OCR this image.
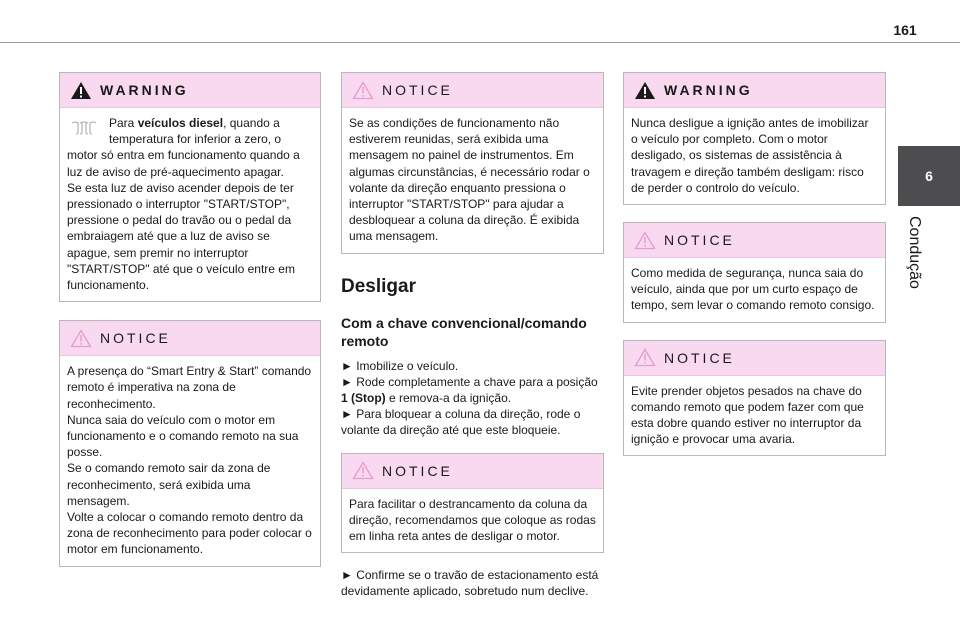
161
6
Condução
WARNING

Para veículos diesel, quando a temperatura for inferior a zero, o motor só entra em funcionamento quando a luz de aviso de pré-aquecimento apagar.

Se esta luz de aviso acender depois de ter pressionado o interruptor "START/STOP", pressione o pedal do travão ou o pedal da embraiagem até que a luz de aviso se apague, sem premir no interruptor "START/STOP" até que o veículo entre em funcionamento.

NOTICE

A presença do “Smart Entry & Start” comando remoto é imperativa na zona de reconhecimento.

Nunca saia do veículo com o motor em funcionamento e o comando remoto na sua posse.

Se o comando remoto sair da zona de reconhecimento, será exibida uma mensagem.

Volte a colocar o comando remoto dentro da zona de reconhecimento para poder colocar o motor em funcionamento.

NOTICE

Se as condições de funcionamento não estiverem reunidas, será exibida uma mensagem no painel de instrumentos. Em algumas circunstâncias, é necessário rodar o volante da direção enquanto pressiona o interruptor "START/STOP" para ajudar a desbloquear a coluna da direção. É exibida uma mensagem.

Desligar
Com a chave convencional/comando remoto

► Imobilize o veículo.

► Rode completamente a chave para a posição 1 (Stop) e remova-a da ignição.

► Para bloquear a coluna da direção, rode o volante da direção até que este bloqueie.

NOTICE

Para facilitar o destrancamento da coluna da direção, recomendamos que coloque as rodas em linha reta antes de desligar o motor.

► Confirme se o travão de estacionamento está devidamente aplicado, sobretudo num declive.

WARNING

Nunca desligue a ignição antes de imobilizar o veículo por completo. Com o motor desligado, os sistemas de assistência à travagem e direção também desligam: risco de perder o controlo do veículo.

NOTICE

Como medida de segurança, nunca saia do veículo, ainda que por um curto espaço de tempo, sem levar o comando remoto consigo.

NOTICE

Evite prender objetos pesados na chave do comando remoto que podem fazer com que esta dobre quando estiver no interruptor da ignição e provocar uma avaria.
